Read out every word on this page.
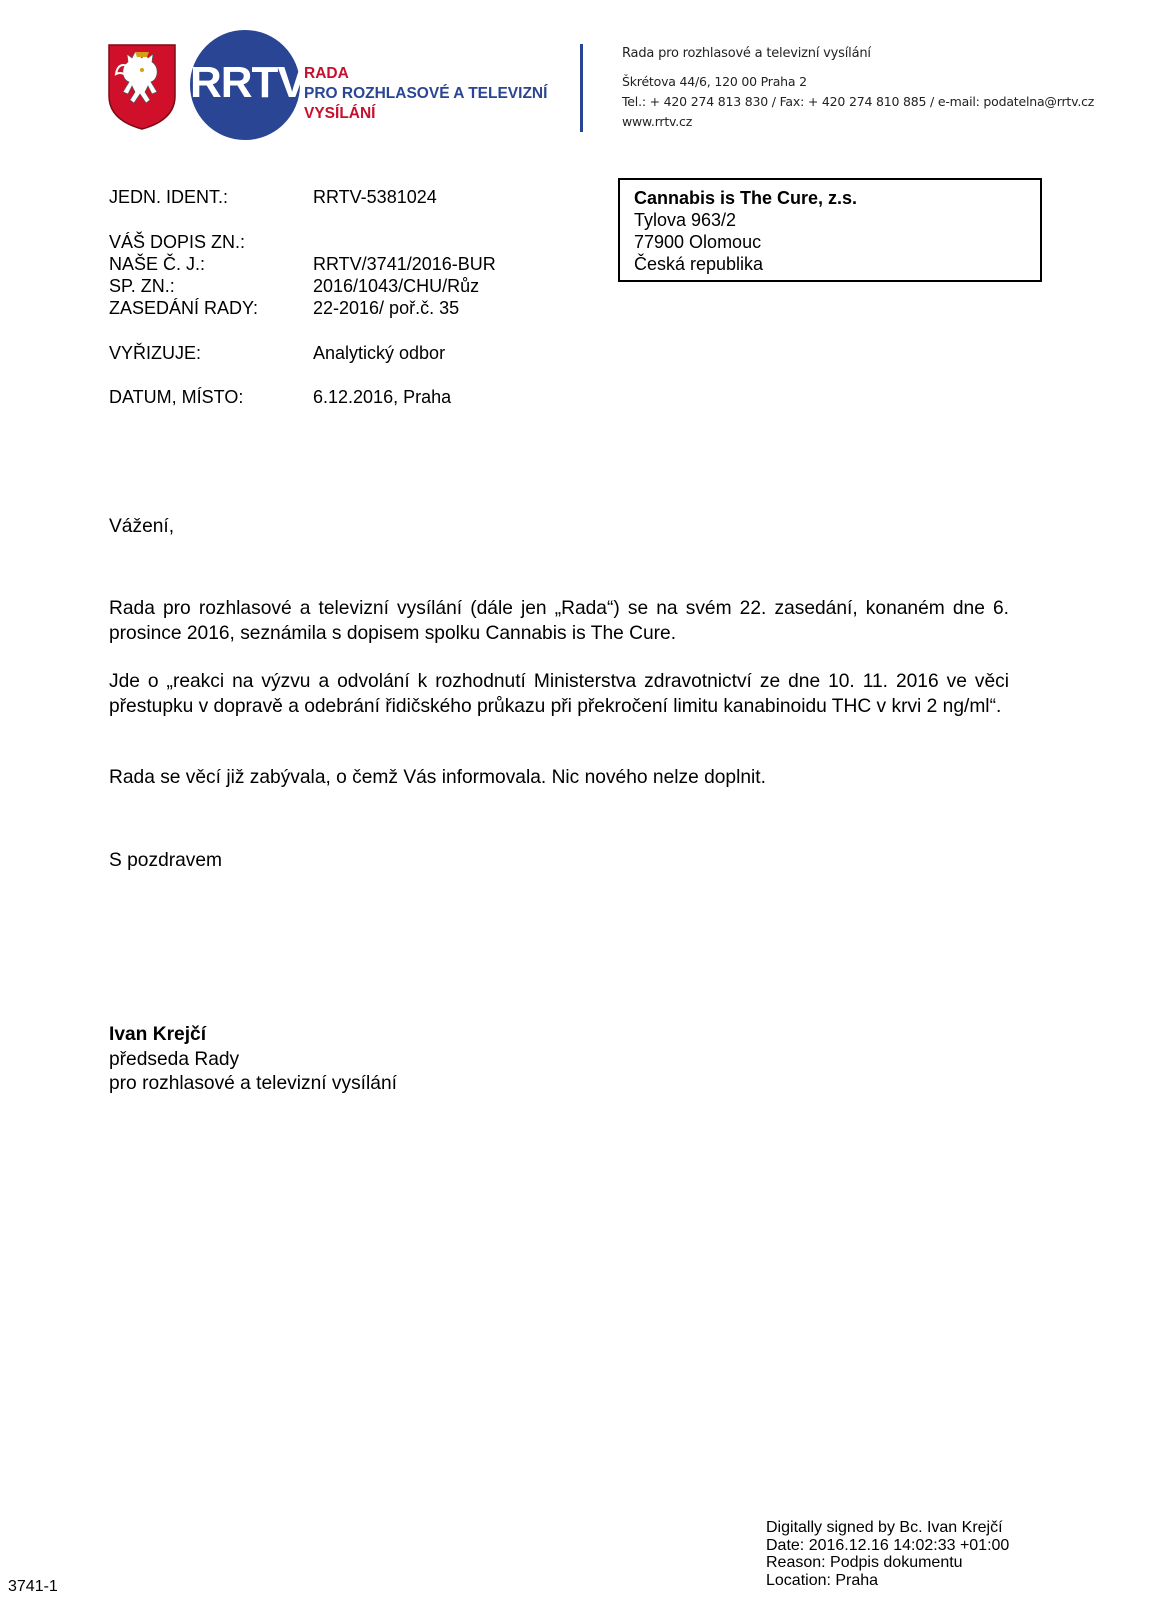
RRTV
RADA
PRO ROZHLASOVÉ A TELEVIZNÍ
VYSÍLÁNÍ
Rada pro rozhlasové a televizní vysílání
Škrétova 44/6, 120 00 Praha 2
Tel.: + 420 274 813 830 / Fax: + 420 274 810 885 / e-mail: podatelna@rrtv.cz
www.rrtv.cz
JEDN. IDENT.:	RRTV-5381024
VÁŠ DOPIS ZN.:
NAŠE Č. J.:	RRTV/3741/2016-BUR
SP. ZN.:	2016/1043/CHU/Růz
ZASEDÁNÍ RADY:	22-2016/ poř.č. 35
VYŘIZUJE:	Analytický odbor
DATUM, MÍSTO:	6.12.2016, Praha
Cannabis is The Cure, z.s.
Tylova 963/2
77900 Olomouc
Česká republika
Vážení,
Rada pro rozhlasové a televizní vysílání (dále jen „Rada“) se na svém 22. zasedání, konaném dne 6. prosince 2016, seznámila s dopisem spolku Cannabis is The Cure.
Jde o „reakci na výzvu a odvolání k rozhodnutí Ministerstva zdravotnictví ze dne 10. 11. 2016 ve věci přestupku v dopravě a odebrání řidičského průkazu při překročení limitu kanabinoidu THC v krvi 2 ng/ml“.
Rada se věcí již zabývala, o čemž Vás informovala. Nic nového nelze doplnit.
S pozdravem
Ivan Krejčí
předseda Rady
pro rozhlasové a televizní vysílání
Digitally signed by Bc. Ivan Krejčí
Date: 2016.12.16 14:02:33 +01:00
Reason: Podpis dokumentu
Location: Praha
3741-1
